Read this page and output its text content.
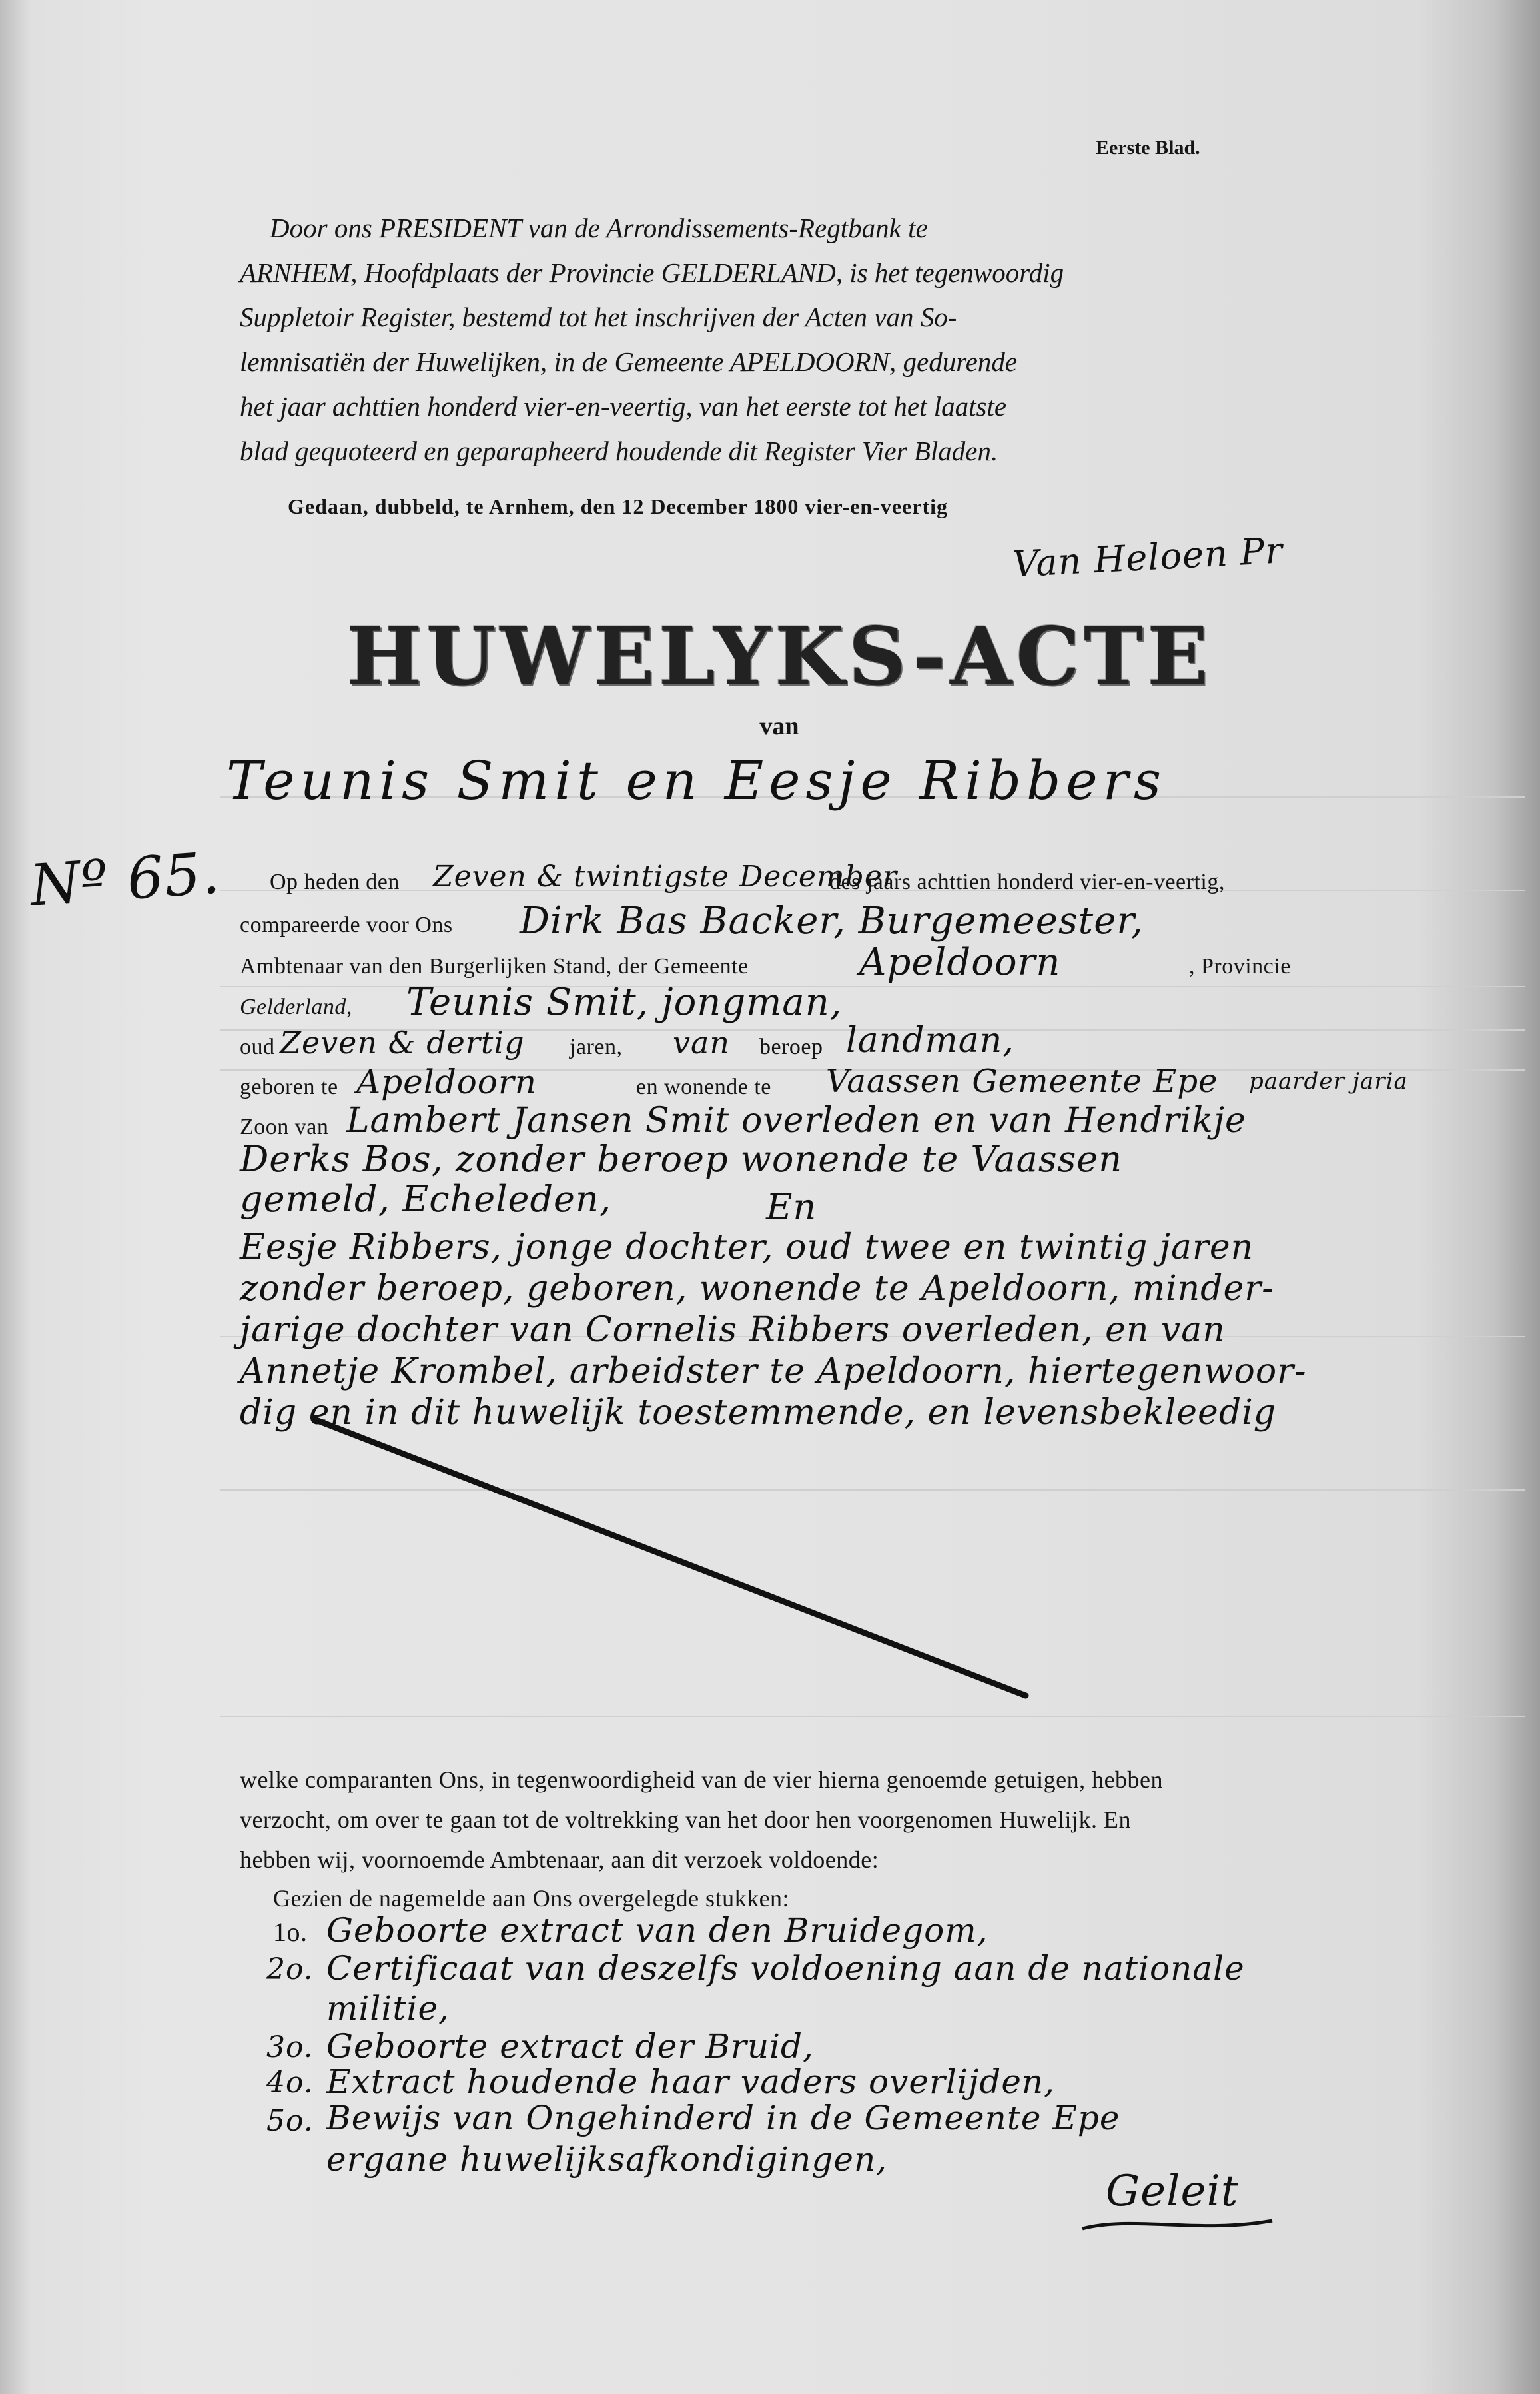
Eerste Blad.
Door ons PRESIDENT van de Arrondissements-Regtbank te
ARNHEM, Hoofdplaats der Provincie GELDERLAND, is het tegenwoordig
Suppletoir Register, bestemd tot het inschrijven der Acten van So-
lemnisatiën der Huwelijken, in de Gemeente APELDOORN, gedurende
het jaar achttien honderd vier-en-veertig, van het eerste tot het laatste
blad gequoteerd en geparapheerd houdende dit Register Vier Bladen.
Gedaan, dubbeld, te Arnhem, den 12 December 1800 vier-en-veertig
Van Heloen Pr
HUWELYKS-ACTE
van
Teunis Smit en Eesje Ribbers
Nº 65. Op heden den Zeven & twintigste December
des jaars achttien honderd vier-en-veertig,
compareerde voor Ons Dirk Bas Backer, Burgemeester,
Ambtenaar van den Burgerlijken Stand, der Gemeente	Apeldoorn	, Provincie
Gelderland, Teunis Smit, jongman,
oud Zeven & dertig jaren, van beroep landman,
geboren te Apeldoorn	en wonende te Vaassen Gemeente Epe paarder jaria
Zoon van Lambert Jansen Smit overleden en van Hendrikje
Derks Bos, zonder beroep wonende te Vaassen
gemeld, Echeleden,	En
Eesje Ribbers, jonge dochter, oud twee en twintig jaren
zonder beroep, geboren, wonende te Apeldoorn, minder-
jarige dochter van Cornelis Ribbers overleden, en van
Annetje Krombel, arbeidster te Apeldoorn, hiertegenwoor-
dig en in dit huwelijk toestemmende, en levensbekleedig
welke comparanten Ons, in tegenwoordigheid van de vier hierna genoemde getuigen, hebben
verzocht, om over te gaan tot de voltrekking van het door hen voorgenomen Huwelijk. En
hebben wij, voornoemde Ambtenaar, aan dit verzoek voldoende:
Gezien de nagemelde aan Ons overgelegde stukken:
1o. Geboorte extract van den Bruidegom,
2o. Certificaat van deszelfs voldoening aan de nationale
militie,
3o. Geboorte extract der Bruid,
4o. Extract houdende haar vaders overlijden,
5o. Bewijs van Ongehinderd in de Gemeente Epe
ergane huwelijksafkondigingen,
Geleit
